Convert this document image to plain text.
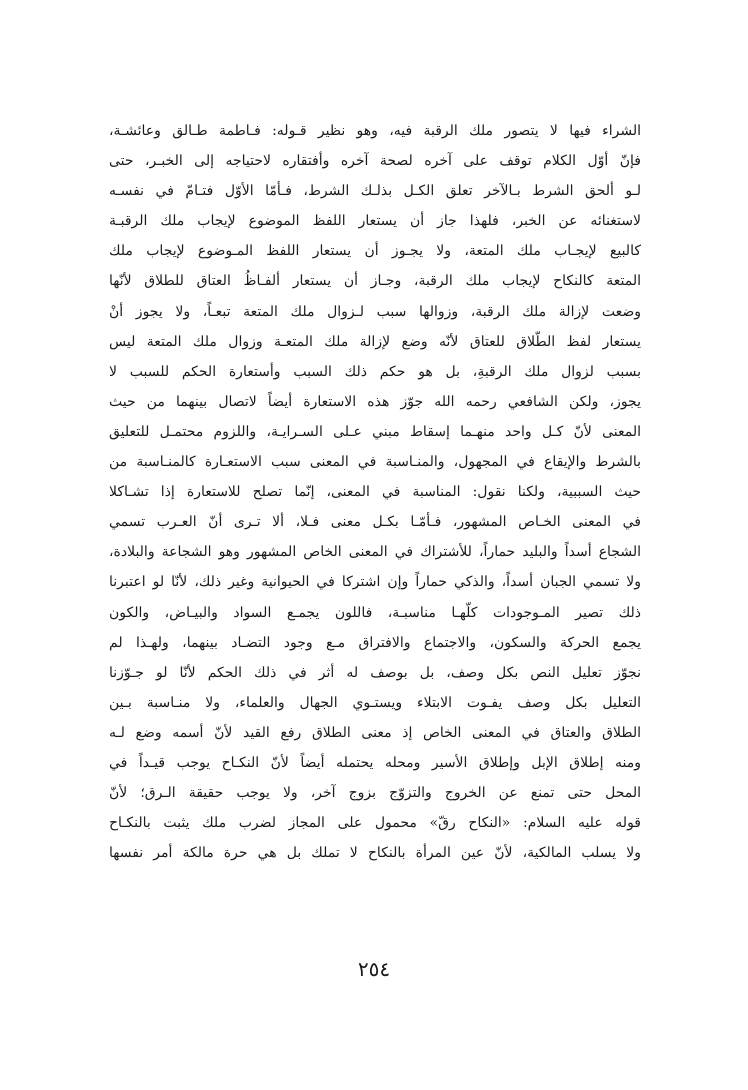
الشراء فيها لا يتصور ملك الرقبة فيه، وهو نظير قـوله: فـاطمة طـالق وعائشـة،
فإنّ أوّل الكلام توقف على آخره لصحة آخره وأفتقاره لاحتياجه إلى الخبـر، حتى
لـو ألحق الشرط بـالآخر تعلق الكـل بذلـك الشرط، فـأمّا الأوّل فتـامّ في نفسـه
لاستغنائه عن الخبر، فلهذا جاز أن يستعار اللفظ الموضوع لإيجاب ملك الرقبـة
كالبيع لإيجـاب ملك المتعة، ولا يجـوز أن يستعار اللفظ المـوضوع لإيجاب ملك
المتعة كالنكاح لإيجاب ملك الرقبة، وجـاز أن يستعار ألفـاظُ العتاق للطلاق لأنّها
وضعت لإزالة ملك الرقبة، وزوالها سبب لـزوال ملك المتعة تبعـاً، ولا يجوز أنْ
يستعار لفظ الطّلاق للعتاق لأنّه وضع لإزالة ملك المتعـة وزوال ملك المتعة ليس
بسبب لزوال ملك الرقبةِ، بل هو حكم ذلك السبب وأستعارة الحكم للسبب لا
يجوز، ولكن الشافعي رحمه الله جوّز هذه الاستعارة أيضاً لاتصال بينهما من حيث
المعنى لأنّ كـل واحد منهـما إسقاط مبني عـلى السـرايـة، واللزوم محتمـل للتعليق
بالشرط والإيقاع في المجهول، والمنـاسبة في المعنى سبب الاستعـارة كالمنـاسبة من
حيث السببية، ولكنا نقول: المناسبة في المعنى، إنّما تصلح للاستعارة إذا تشـاكلا
في المعنى الخـاص المشهور، فـأمّـا بكـل معنى فـلا، ألا تـرى أنّ العـرب تسمي
الشجاع أسداً والبليد حماراً، للأشتراك في المعنى الخاص المشهور وهو الشجاعة والبلادة،
ولا تسمي الجبان أسداً، والذكي حماراً وإن اشتركا في الحيوانية وغير ذلك، لأنّا لو اعتبرنا
ذلك تصير المـوجودات كلّهـا مناسبـة، فاللون يجمـع السواد والبيـاض، والكون
يجمع الحركة والسكون، والاجتماع والافتراق مـع وجود التضـاد بينهما، ولهـذا لم
نجوّز تعليل النص بكل وصف، بل بوصف له أثر في ذلك الحكم لأنّا لو جـوّزنا
التعليل بكل وصف يفـوت الابتلاء ويستـوي الجهال والعلماء، ولا منـاسبة بـين
الطلاق والعتاق في المعنى الخاص إذ معنى الطلاق رفع القيد لأنّ أسمه وضع لـه
ومنه إطلاق الإبل وإطلاق الأسير ومحله يحتمله أيضاً لأنّ النكـاح يوجب قيـداً في
المحل حتى تمنع عن الخروج والتزوّج بزوج آخر، ولا يوجب حقيقة الـرق؛ لأنّ
قوله عليه السلام: «النكاح رقّ» محمول على المجاز لضرب ملك يثبت بالنكـاح
ولا يسلب المالكية، لأنّ عين المرأة بالنكاح لا تملك بل هي حرة مالكة أمر نفسها
٢٥٤
